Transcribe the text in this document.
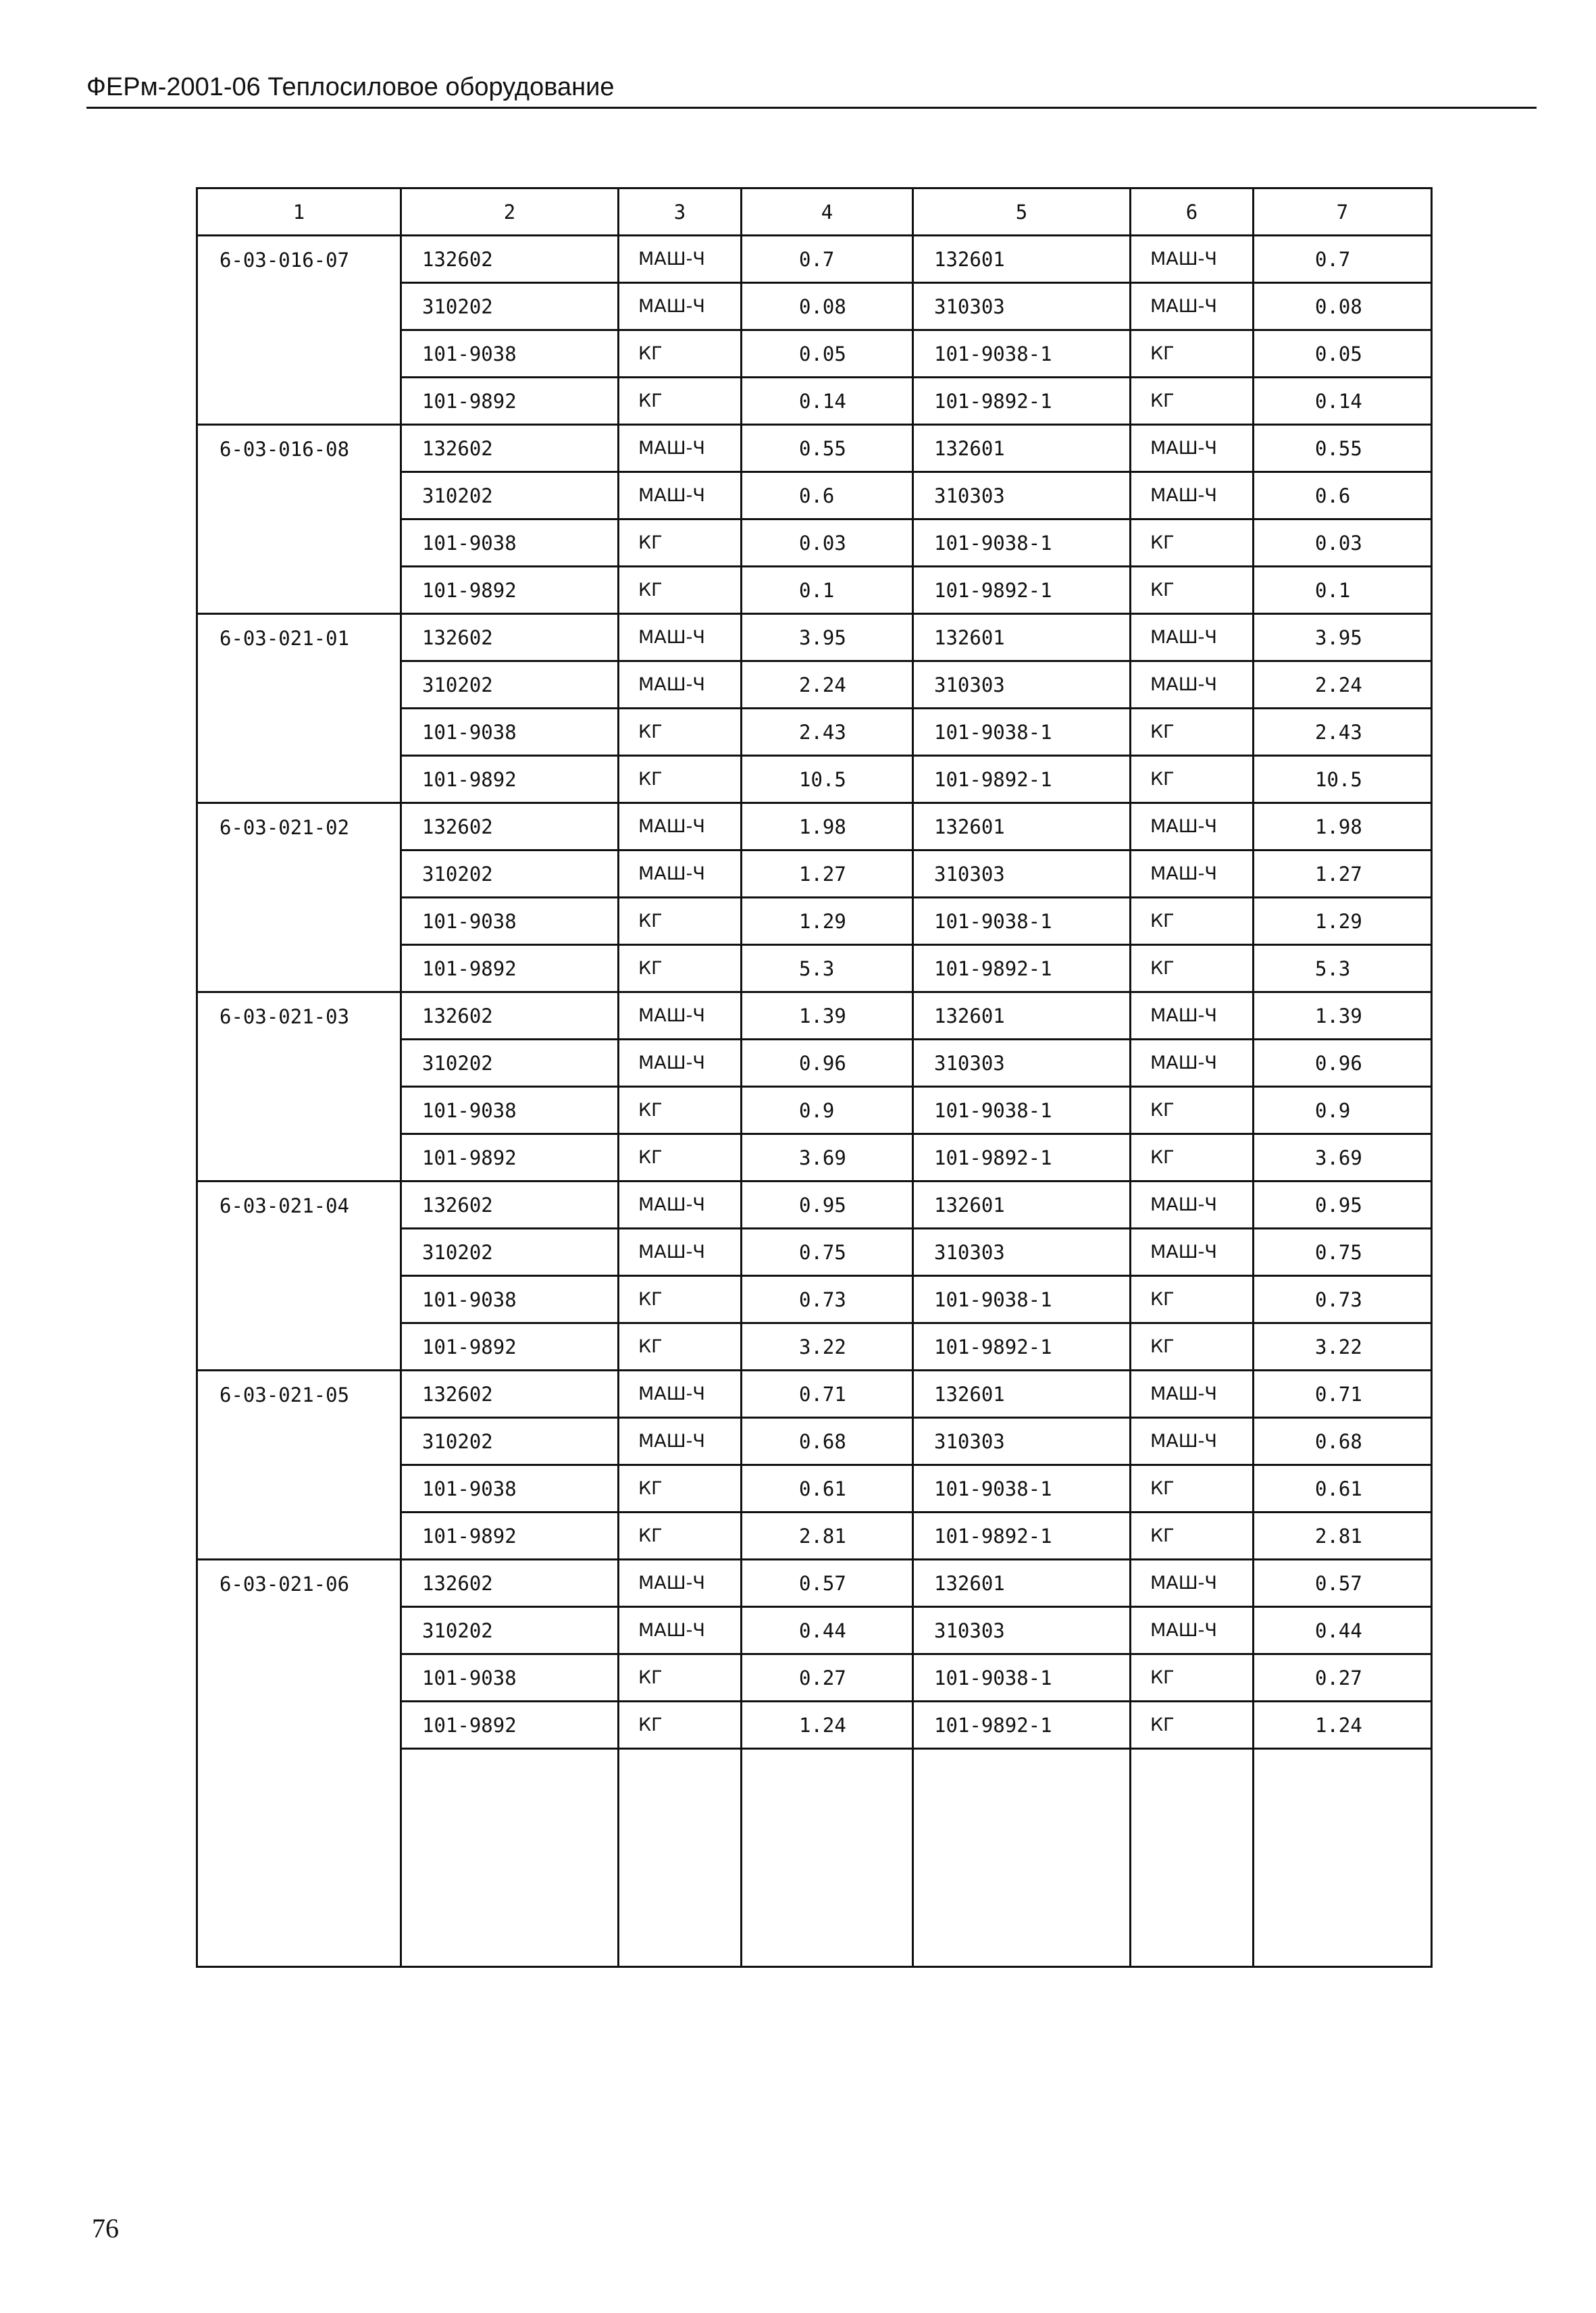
ФЕРм-2001-06 Теплосиловое оборудование
1	2	3	4	5	6	7
6-03-016-07	132602	МАШ-Ч	0.7	132601	МАШ-Ч	0.7
	310202	МАШ-Ч	0.08	310303	МАШ-Ч	0.08
	101-9038	КГ	0.05	101-9038-1	КГ	0.05
	101-9892	КГ	0.14	101-9892-1	КГ	0.14
6-03-016-08	132602	МАШ-Ч	0.55	132601	МАШ-Ч	0.55
	310202	МАШ-Ч	0.6	310303	МАШ-Ч	0.6
	101-9038	КГ	0.03	101-9038-1	КГ	0.03
	101-9892	КГ	0.1	101-9892-1	КГ	0.1
6-03-021-01	132602	МАШ-Ч	3.95	132601	МАШ-Ч	3.95
	310202	МАШ-Ч	2.24	310303	МАШ-Ч	2.24
	101-9038	КГ	2.43	101-9038-1	КГ	2.43
	101-9892	КГ	10.5	101-9892-1	КГ	10.5
6-03-021-02	132602	МАШ-Ч	1.98	132601	МАШ-Ч	1.98
	310202	МАШ-Ч	1.27	310303	МАШ-Ч	1.27
	101-9038	КГ	1.29	101-9038-1	КГ	1.29
	101-9892	КГ	5.3	101-9892-1	КГ	5.3
6-03-021-03	132602	МАШ-Ч	1.39	132601	МАШ-Ч	1.39
	310202	МАШ-Ч	0.96	310303	МАШ-Ч	0.96
	101-9038	КГ	0.9	101-9038-1	КГ	0.9
	101-9892	КГ	3.69	101-9892-1	КГ	3.69
6-03-021-04	132602	МАШ-Ч	0.95	132601	МАШ-Ч	0.95
	310202	МАШ-Ч	0.75	310303	МАШ-Ч	0.75
	101-9038	КГ	0.73	101-9038-1	КГ	0.73
	101-9892	КГ	3.22	101-9892-1	КГ	3.22
6-03-021-05	132602	МАШ-Ч	0.71	132601	МАШ-Ч	0.71
	310202	МАШ-Ч	0.68	310303	МАШ-Ч	0.68
	101-9038	КГ	0.61	101-9038-1	КГ	0.61
	101-9892	КГ	2.81	101-9892-1	КГ	2.81
6-03-021-06	132602	МАШ-Ч	0.57	132601	МАШ-Ч	0.57
	310202	МАШ-Ч	0.44	310303	МАШ-Ч	0.44
	101-9038	КГ	0.27	101-9038-1	КГ	0.27
	101-9892	КГ	1.24	101-9892-1	КГ	1.24

76
